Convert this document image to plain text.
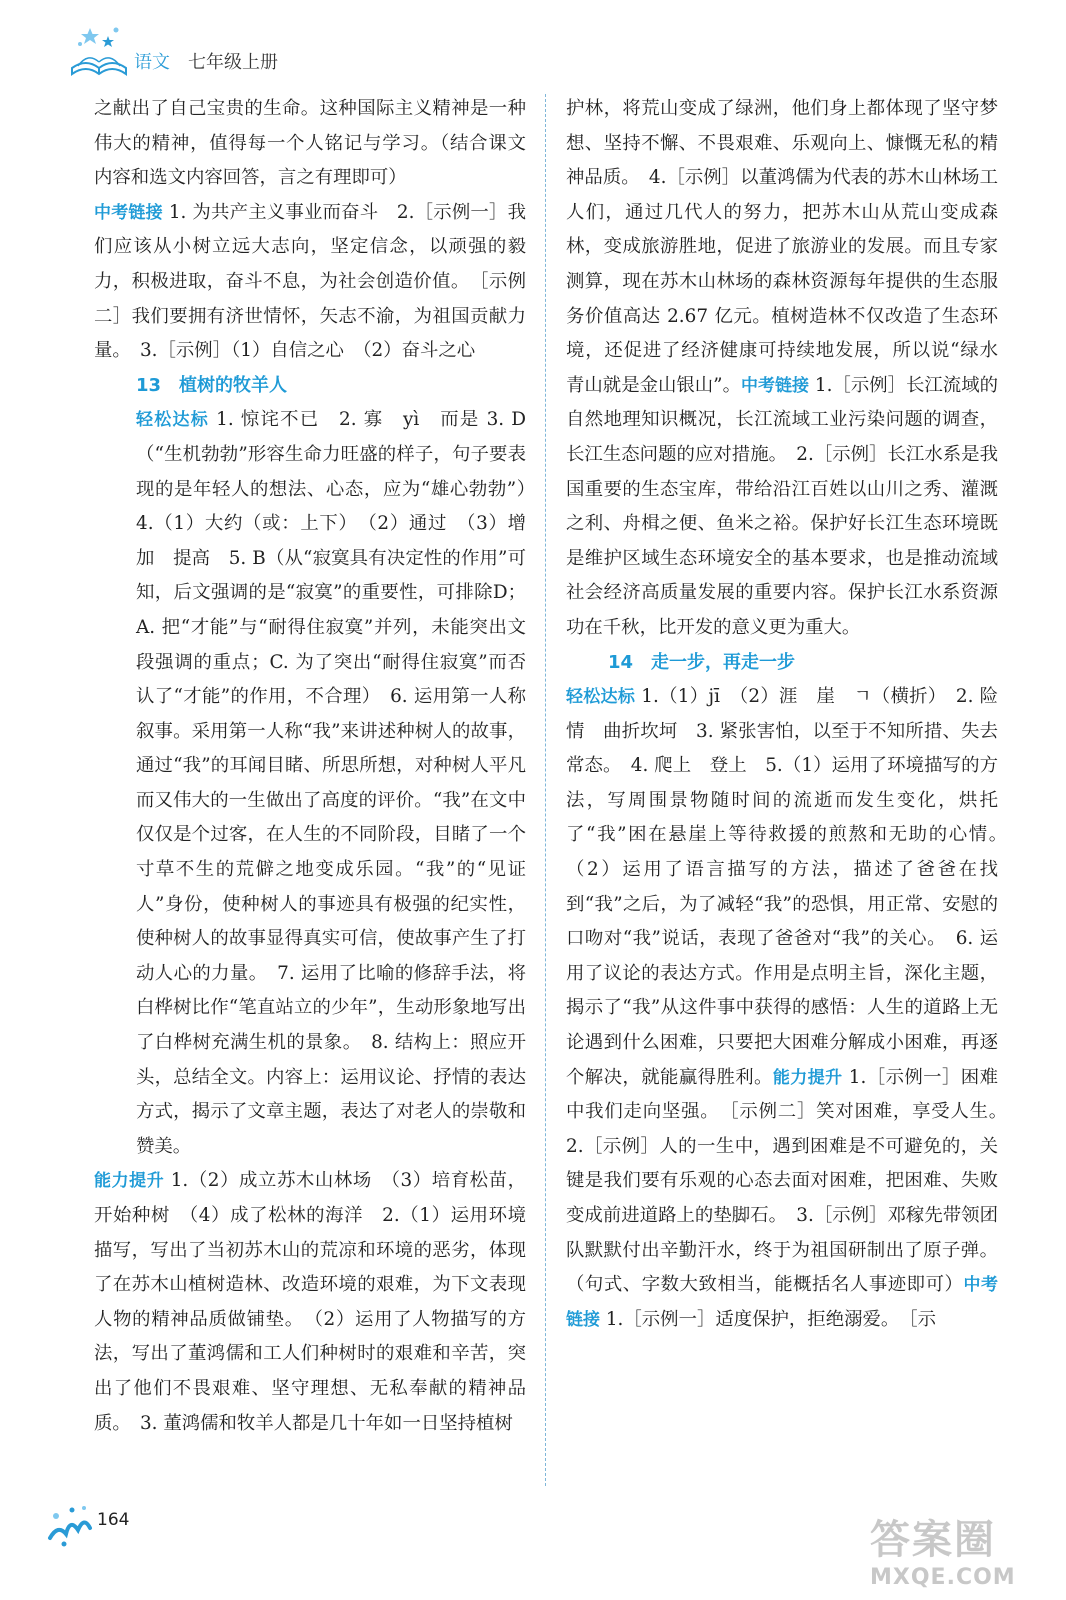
语文 七年级上册

之献出了自己宝贵的生命。这种国际主义精神是一种伟大的精神，值得每一个人铭记与学习。（结合课文内容和选文内容回答，言之有理即可）

中考链接 1. 为共产主义事业而奋斗　2.［示例一］我们应该从小树立远大志向，坚定信念，以顽强的毅力，积极进取，奋斗不息，为社会创造价值。　［示例二］我们要拥有济世情怀，矢志不渝，为祖国贡献力量。　3.［示例］（1）自信之心　（2）奋斗之心

13　植树的牧羊人

轻松达标 1. 惊诧不已　2. 寡　yì　而是 3. D（“生机勃勃”形容生命力旺盛的样子，句子要表现的是年轻人的想法、心态，应为“雄心勃勃”）　4.（1）大约（或：上下）　（2）通过　（3）增加　提高　5. B（从“寂寞具有决定性的作用”可知，后文强调的是“寂寞”的重要性，可排除D；A. 把“才能”与“耐得住寂寞”并列，未能突出文段强调的重点；C. 为了突出“耐得住寂寞”而否认了“才能”的作用，不合理）　6. 运用第一人称叙事。采用第一人称“我”来讲述种树人的故事，通过“我”的耳闻目睹、所思所想，对种树人平凡而又伟大的一生做出了高度的评价。“我”在文中仅仅是个过客，在人生的不同阶段，目睹了一个寸草不生的荒僻之地变成乐园。“我”的“见证人”身份，使种树人的事迹具有极强的纪实性，使种树人的故事显得真实可信，使故事产生了打动人心的力量。　7. 运用了比喻的修辞手法，将白桦树比作“笔直站立的少年”，生动形象地写出了白桦树充满生机的景象。　8. 结构上：照应开头，总结全文。内容上：运用议论、抒情的表达方式，揭示了文章主题，表达了对老人的崇敬和赞美。

能力提升 1.（2）成立苏木山林场　（3）培育松苗，开始种树　（4）成了松林的海洋　2.（1）运用环境描写，写出了当初苏木山的荒凉和环境的恶劣，体现了在苏木山植树造林、改造环境的艰难，为下文表现人物的精神品质做铺垫。　（2）运用了人物描写的方法，写出了董鸿儒和工人们种树时的艰难和辛苦，突出了他们不畏艰难、坚守理想、无私奉献的精神品质。　3. 董鸿儒和牧羊人都是几十年如一日坚持植树

护林，将荒山变成了绿洲，他们身上都体现了坚守梦想、坚持不懈、不畏艰难、乐观向上、慷慨无私的精神品质。　4.［示例］以董鸿儒为代表的苏木山林场工人们，通过几代人的努力，把苏木山从荒山变成森林，变成旅游胜地，促进了旅游业的发展。而且专家测算，现在苏木山林场的森林资源每年提供的生态服务价值高达 2.67 亿元。植树造林不仅改造了生态环境，还促进了经济健康可持续地发展，所以说“绿水青山就是金山银山”。中考链接 1.［示例］长江流域的自然地理知识概况，长江流域工业污染问题的调查，长江生态问题的应对措施。　2.［示例］长江水系是我国重要的生态宝库，带给沿江百姓以山川之秀、灌溉之利、舟楫之便、鱼米之裕。保护好长江生态环境既是维护区域生态环境安全的基本要求，也是推动流域社会经济高质量发展的重要内容。保护长江水系资源功在千秋，比开发的意义更为重大。

14　走一步，再走一步

轻松达标 1.（1）jī　（2）涯　崖　ㄱ（横折）　2. 险情　曲折坎坷　3. 紧张害怕，以至于不知所措、失去常态。　4. 爬上　登上　5.（1）运用了环境描写的方法，写周围景物随时间的流逝而发生变化，烘托了“我”困在悬崖上等待救援的煎熬和无助的心情。　（2）运用了语言描写的方法，描述了爸爸在找到“我”之后，为了减轻“我”的恐惧，用正常、安慰的口吻对“我”说话，表现了爸爸对“我”的关心。　6. 运用了议论的表达方式。作用是点明主旨，深化主题，揭示了“我”从这件事中获得的感悟：人生的道路上无论遇到什么困难，只要把大困难分解成小困难，再逐个解决，就能赢得胜利。能力提升 1.［示例一］困难中我们走向坚强。　［示例二］笑对困难，享受人生。　2.［示例］人的一生中，遇到困难是不可避免的，关键是我们要有乐观的心态去面对困难，把困难、失败变成前进道路上的垫脚石。　3.［示例］邓稼先带领团队默默付出辛勤汗水，终于为祖国研制出了原子弹。（句式、字数大致相当，能概括名人事迹即可）中考链接 1.［示例一］适度保护，拒绝溺爱。　［示

164	答案圈
MXQE.COM
